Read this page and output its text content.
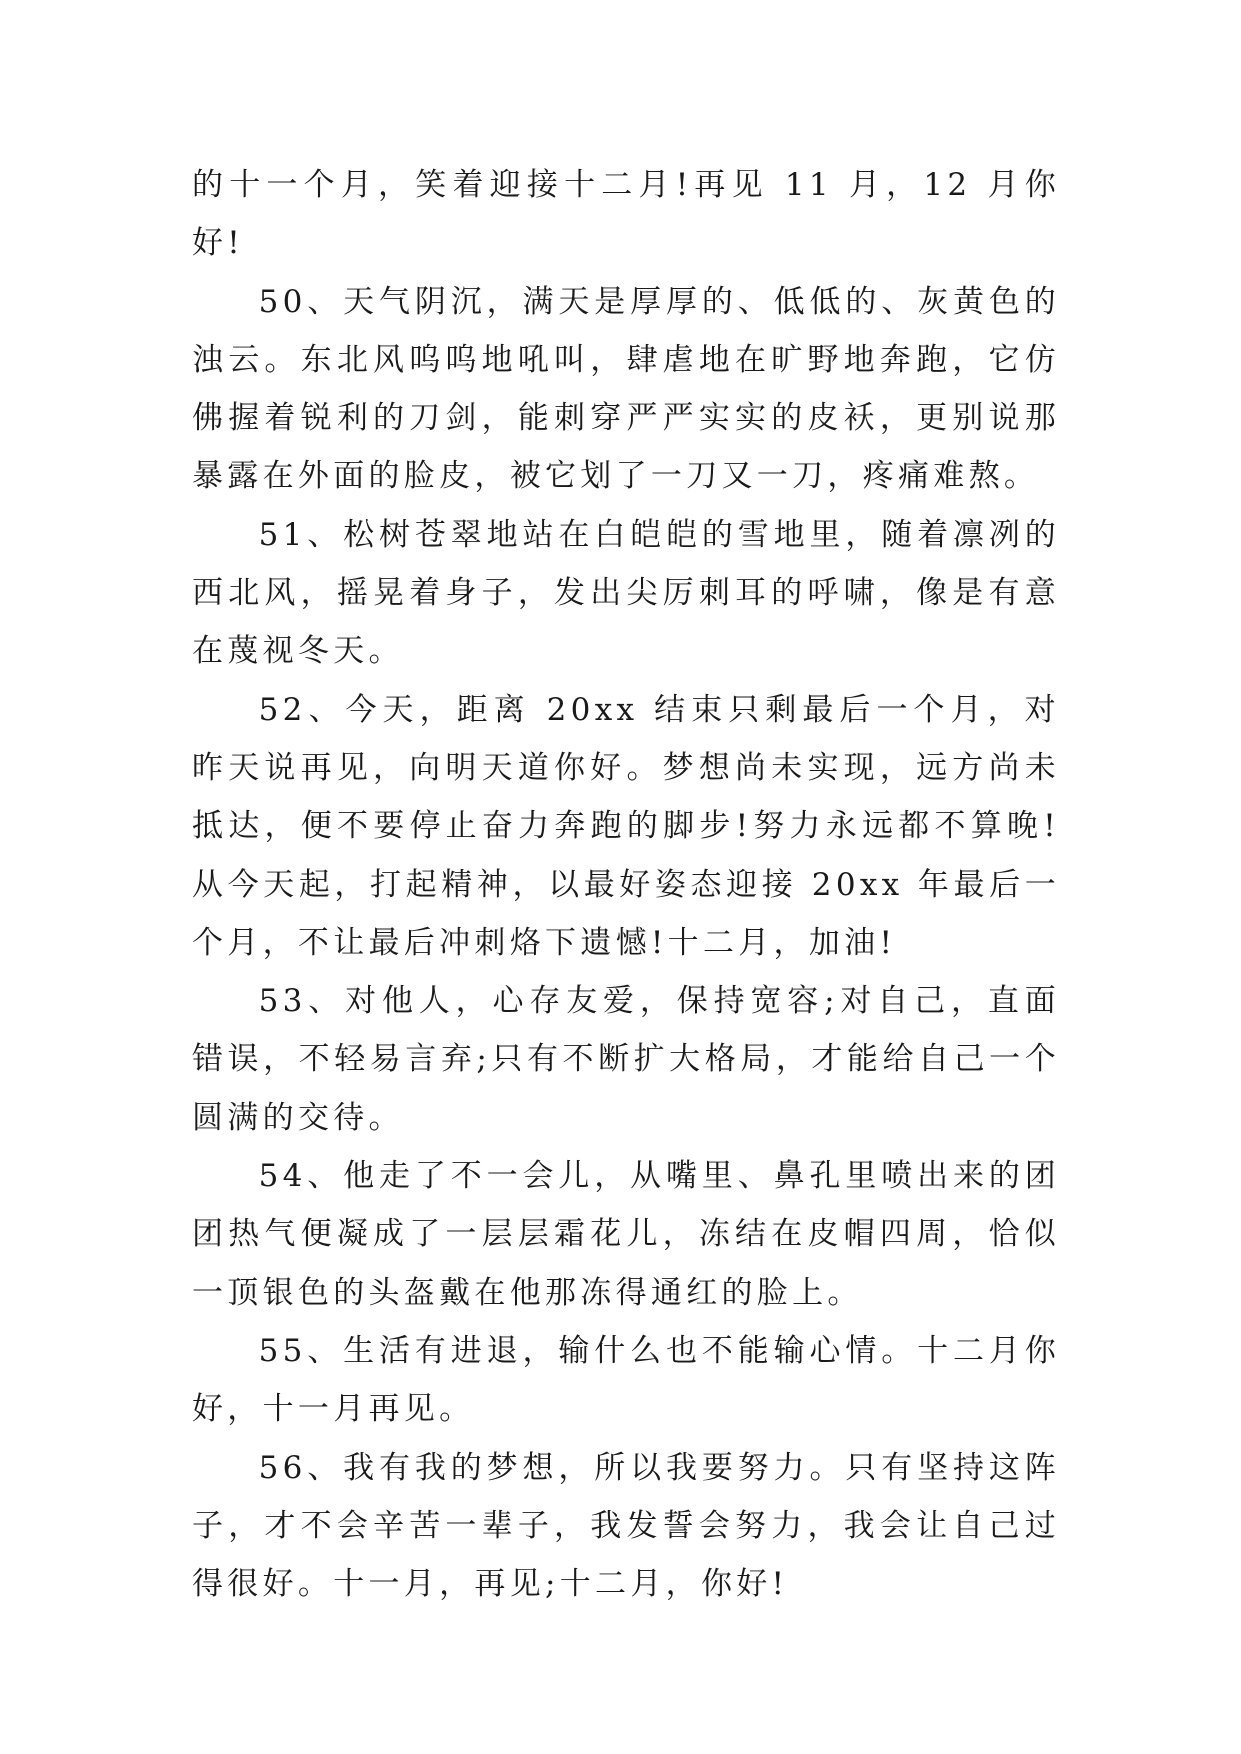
的十一个月，笑着迎接十二月!再见 11 月，12 月你好!

50、天气阴沉，满天是厚厚的、低低的、灰黄色的浊云。东北风呜呜地吼叫，肆虐地在旷野地奔跑，它仿佛握着锐利的刀剑，能刺穿严严实实的皮袄，更别说那暴露在外面的脸皮，被它划了一刀又一刀，疼痛难熬。

51、松树苍翠地站在白皑皑的雪地里，随着凛冽的西北风，摇晃着身子，发出尖厉刺耳的呼啸，像是有意在蔑视冬天。

52、今天，距离 20xx 结束只剩最后一个月，对昨天说再见，向明天道你好。梦想尚未实现，远方尚未抵达，便不要停止奋力奔跑的脚步!努力永远都不算晚!从今天起，打起精神，以最好姿态迎接 20xx 年最后一个月，不让最后冲刺烙下遗憾!十二月，加油!

53、对他人，心存友爱，保持宽容;对自己，直面错误，不轻易言弃;只有不断扩大格局，才能给自己一个圆满的交待。

54、他走了不一会儿，从嘴里、鼻孔里喷出来的团团热气便凝成了一层层霜花儿，冻结在皮帽四周，恰似一顶银色的头盔戴在他那冻得通红的脸上。

55、生活有进退，输什么也不能输心情。十二月你好，十一月再见。

56、我有我的梦想，所以我要努力。只有坚持这阵子，才不会辛苦一辈子，我发誓会努力，我会让自己过得很好。十一月，再见;十二月，你好!
